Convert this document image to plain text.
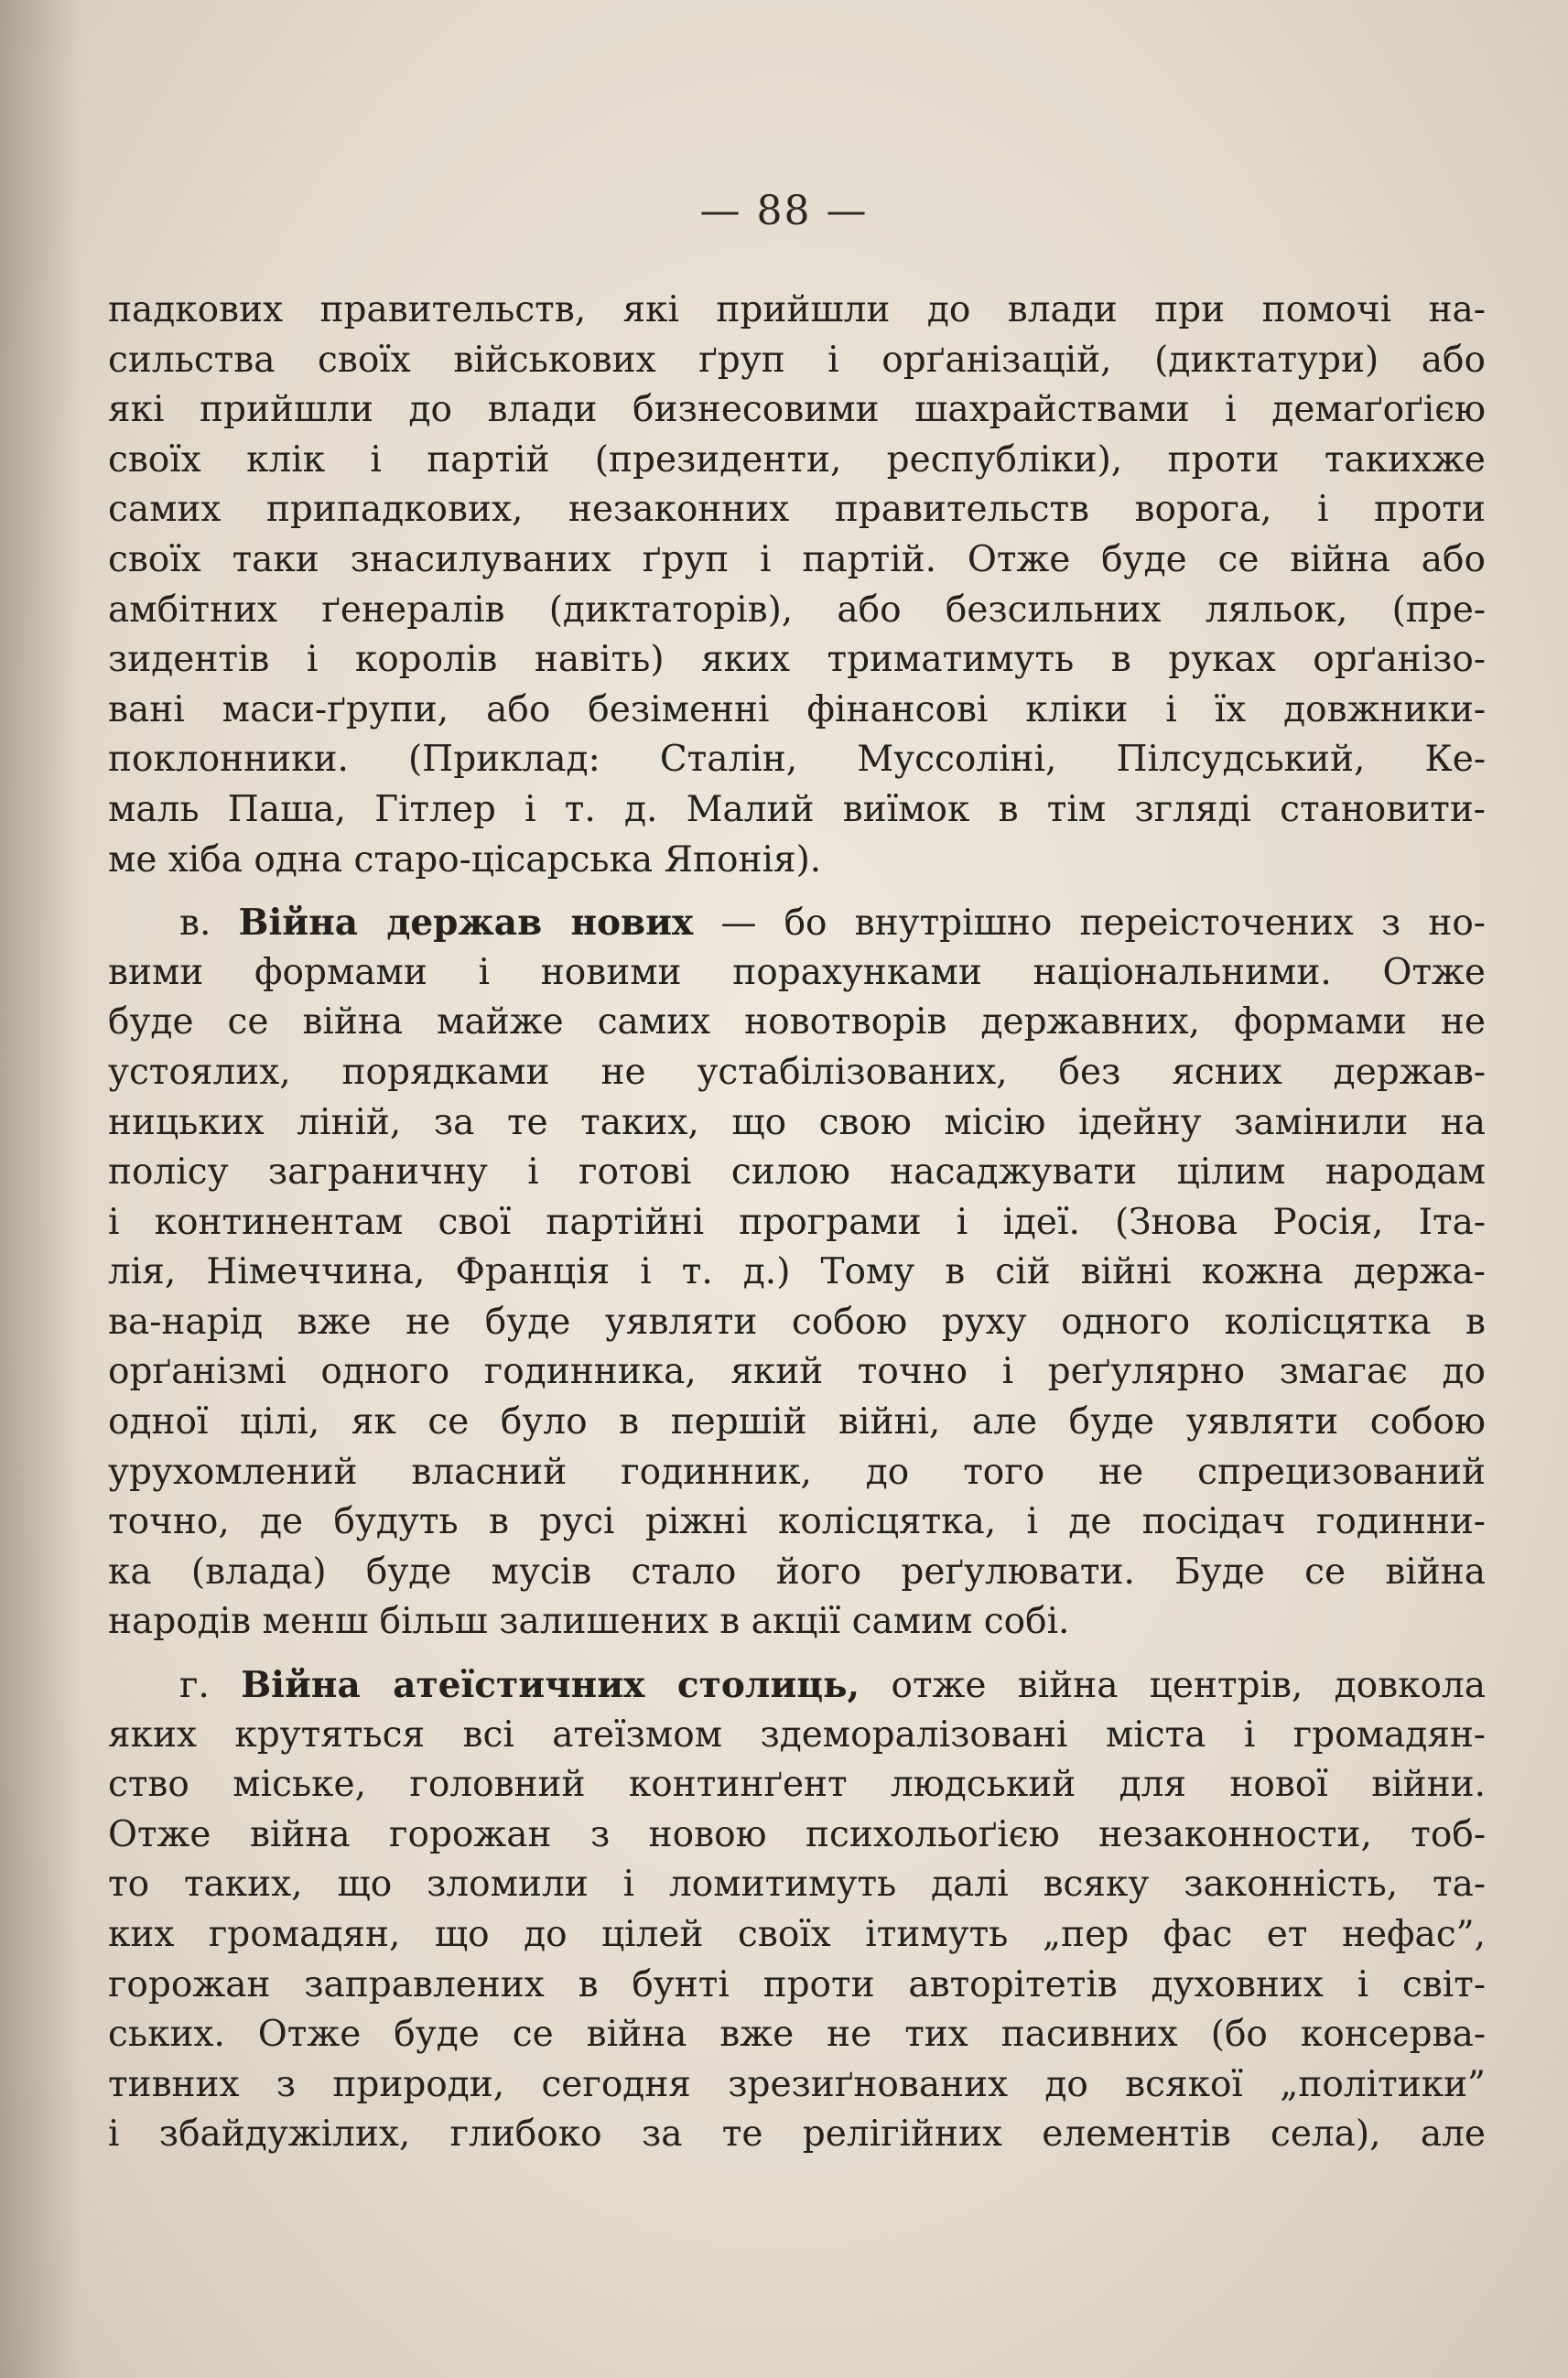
— 88 —
падкових правительств, які прийшли до влади при помочі на-
сильства своїх військових ґруп і орґанізацій, (диктатури) або
які прийшли до влади бизнесовими шахрайствами і демаґоґією
своїх клік і партій (президенти, республіки), проти такихже
самих припадкових, незаконних правительств ворога, і проти
своїх таки знасилуваних ґруп і партій. Отже буде се війна або
амбітних ґенералів (диктаторів), або безсильних ляльок, (пре-
зидентів і королів навіть) яких триматимуть в руках орґанізо-
вані маси-ґрупи, або безіменні фінансові кліки і їх довжники-
поклонники. (Приклад: Сталін, Муссоліні, Пілсудський, Ке-
маль Паша, Гітлер і т. д. Малий виїмок в тім зглядi становити-
ме хіба одна старо-цісарська Японія).
в. Війна держав нових — бо внутрішно переісточених з но-
вими формами і новими порахунками національними. Отже
буде се війна майже самих новотворів державних, формами не
устоялих, порядками не устабілізованих, без ясних держав-
ницьких ліній, за те таких, що свою місію ідейну замінили на
полісу заграничну і готові силою насаджувати цілим народам
і континентам свої партійні програми і ідеї. (Знова Росія, Іта-
лія, Німеччина, Франція і т. д.) Тому в сій війні кожна держа-
ва-нарід вже не буде уявляти собою руху одного колісцятка в
орґанізмі одного годинника, який точно і реґулярно змагає до
одної цілі, як се було в першій війні, але буде уявляти собою
урухомлений власний годинник, до того не спрецизований
точно, де будуть в русі ріжні колісцятка, і де посідач годинни-
ка (влада) буде мусів стало його реґулювати. Буде се війна
народів менш більш залишених в акції самим собі.
г. Війна атеїстичних столиць, отже війна центрів, довкола
яких крутяться всі атеїзмом здеморалізовані міста і громадян-
ство міське, головний континґент людський для нової війни.
Отже війна горожан з новою психольоґією незаконности, тоб-
то таких, що зломили і ломитимуть далі всяку законність, та-
ких громадян, що до цілей своїх ітимуть „пер фас ет нефас”,
горожан заправлених в бунті проти авторітетів духовних і світ-
ських. Отже буде се війна вже не тих пасивних (бо консерва-
тивних з природи, сегодня зрезиґнованих до всякої „політики”
і збайдужілих, глибоко за те релігійних елементів села), але
